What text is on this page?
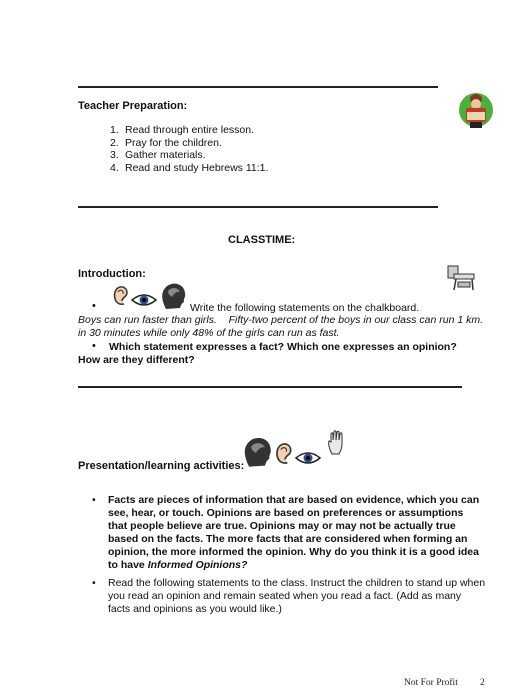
Teacher Preparation:
1. Read through entire lesson.
2. Pray for the children.
3. Gather materials.
4. Read and study Hebrews 11:1.
CLASSTIME:
Introduction:
•	Write the following statements on the chalkboard.
Boys can run faster than girls.    Fifty-two percent of the boys in our class can run 1 km.
in 30 minutes while only 48% of the girls can run as fast.
• Which statement expresses a fact? Which one expresses an opinion?
How are they different?
Presentation/learning activities:
•	Facts are pieces of information that are based on evidence, which you can
see, hear, or touch. Opinions are based on preferences or assumptions
that people believe are true. Opinions may or may not be actually true
based on the facts. The more facts that are considered when forming an
opinion, the more informed the opinion. Why do you think it is a good idea
to have Informed Opinions?
•	Read the following statements to the class. Instruct the children to stand up when
you read an opinion and remain seated when you read a fact. (Add as many
facts and opinions as you would like.)
Not For Profit 2
